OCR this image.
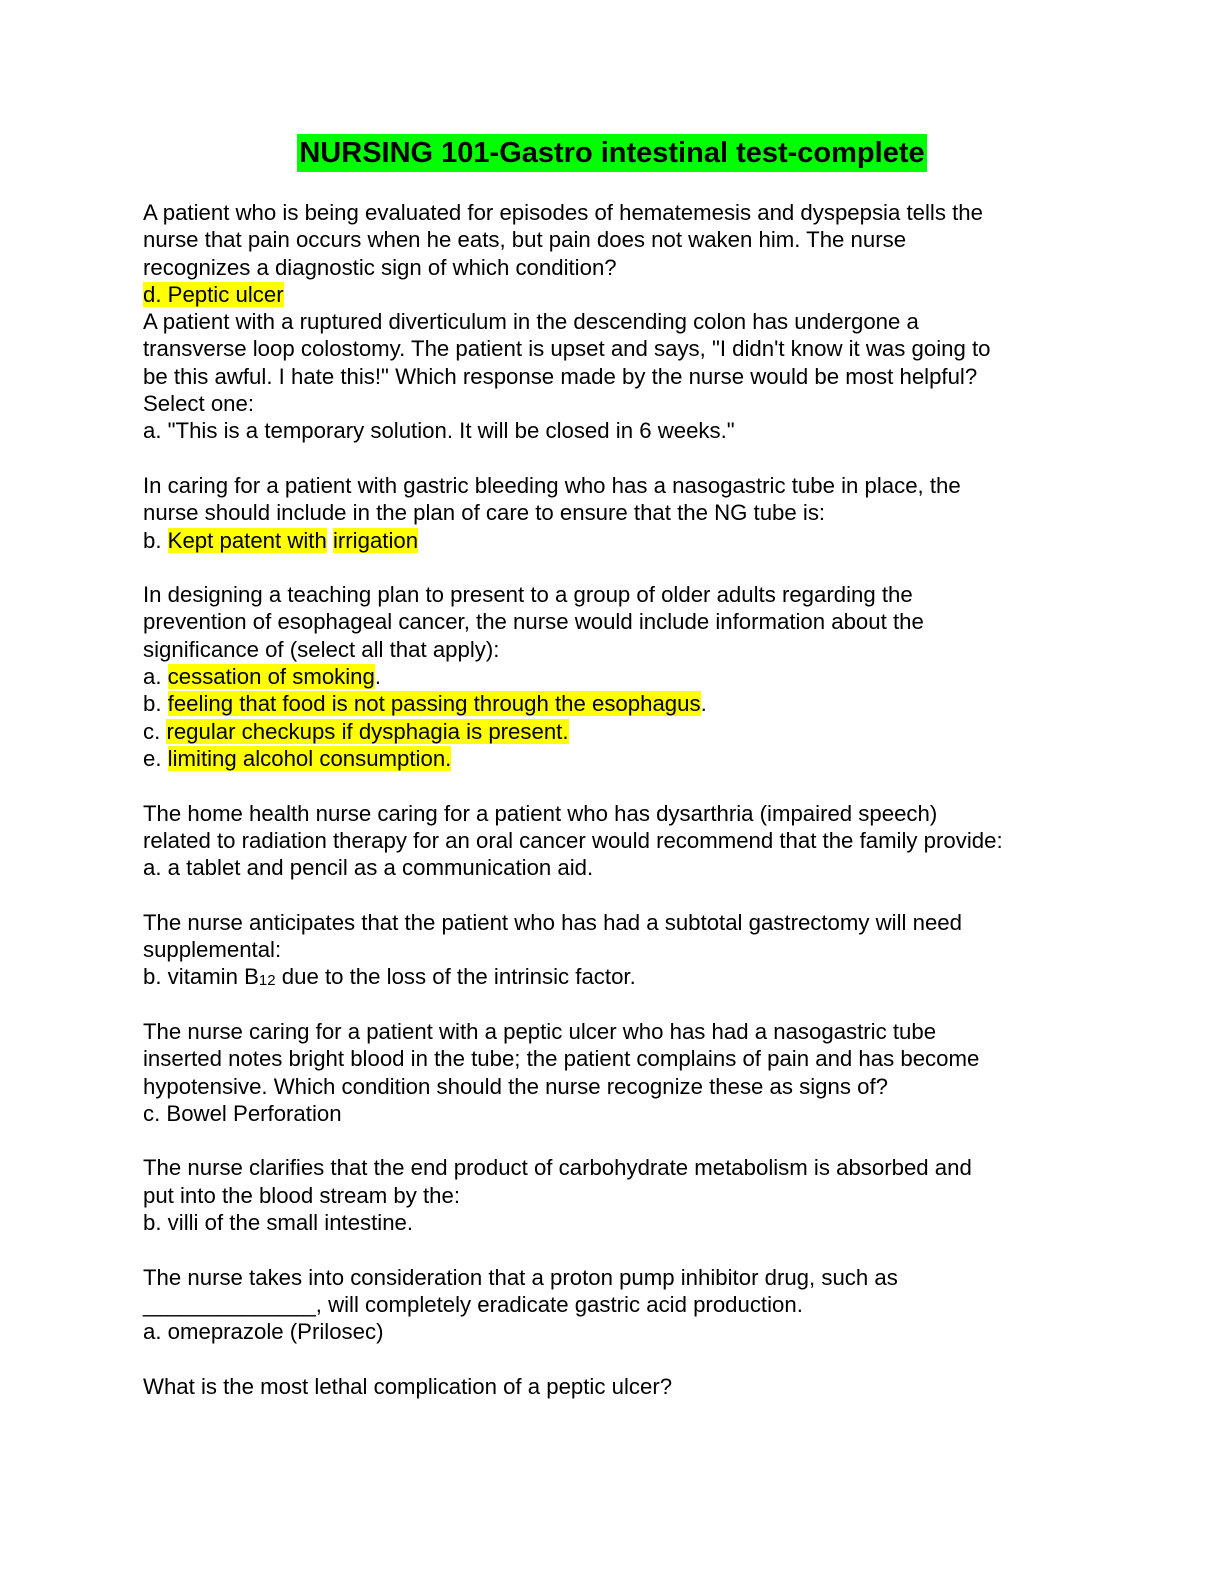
NURSING 101-Gastro intestinal test-complete
A patient who is being evaluated for episodes of hematemesis and dyspepsia tells the
nurse that pain occurs when he eats, but pain does not waken him. The nurse
recognizes a diagnostic sign of which condition?
d. Peptic ulcer
A patient with a ruptured diverticulum in the descending colon has undergone a
transverse loop colostomy. The patient is upset and says, "I didn't know it was going to
be this awful. I hate this!" Which response made by the nurse would be most helpful?
Select one:
a. "This is a temporary solution. It will be closed in 6 weeks."
In caring for a patient with gastric bleeding who has a nasogastric tube in place, the
nurse should include in the plan of care to ensure that the NG tube is:
b. Kept patent with irrigation
In designing a teaching plan to present to a group of older adults regarding the
prevention of esophageal cancer, the nurse would include information about the
significance of (select all that apply):
a. cessation of smoking.
b. feeling that food is not passing through the esophagus.
c. regular checkups if dysphagia is present.
e. limiting alcohol consumption.
The home health nurse caring for a patient who has dysarthria (impaired speech)
related to radiation therapy for an oral cancer would recommend that the family provide:
a. a tablet and pencil as a communication aid.
The nurse anticipates that the patient who has had a subtotal gastrectomy will need
supplemental:
b. vitamin $B_{12}$ due to the loss of the intrinsic factor.
The nurse caring for a patient with a peptic ulcer who has had a nasogastric tube
inserted notes bright blood in the tube; the patient complains of pain and has become
hypotensive. Which condition should the nurse recognize these as signs of?
c. Bowel Perforation
The nurse clarifies that the end product of carbohydrate metabolism is absorbed and
put into the blood stream by the:
b. villi of the small intestine.
The nurse takes into consideration that a proton pump inhibitor drug, such as
______________, will completely eradicate gastric acid production.
a. omeprazole (Prilosec)
What is the most lethal complication of a peptic ulcer?
